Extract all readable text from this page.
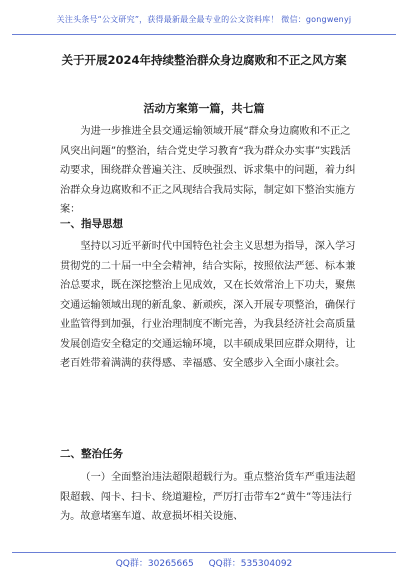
关注头条号“公文研究”，获得最新最全最专业的公文资料库！ 微信：gongwenyj
关于开展2024年持续整治群众身边腐败和不正之风方案
活动方案第一篇，共七篇

为进一步推进全县交通运输领域开展“群众身边腐败和不正之风突出问题”的整治，结合党史学习教育“我为群众办实事”实践活动要求，围绕群众普遍关注、反映强烈、诉求集中的问题，着力纠治群众身边腐败和不正之风现结合我局实际，制定如下整治实施方案：

一、指导思想

坚持以习近平新时代中国特色社会主义思想为指导，深入学习贯彻党的二十届一中全会精神，结合实际，按照依法严惩、标本兼治总要求，既在深挖整治上见成效，又在长效常治上下功夫，聚焦交通运输领域出现的新乱象、新顽疾，深入开展专项整治，确保行业监管得到加强，行业治理制度不断完善，为我县经济社会高质量发展创造安全稳定的交通运输环境，以丰硕成果回应群众期待，让老百姓带着满满的获得感、幸福感、安全感步入全面小康社会。

二、整治任务

（一）全面整治违法超限超载行为。重点整治货车严重违法超限超载、闯卡、扫卡、绕道避检，严厉打击带车2“黄牛”等违法行为。故意堵塞车道、故意损坏相关设施、

QQ群：30265665 QQ群：535304092
